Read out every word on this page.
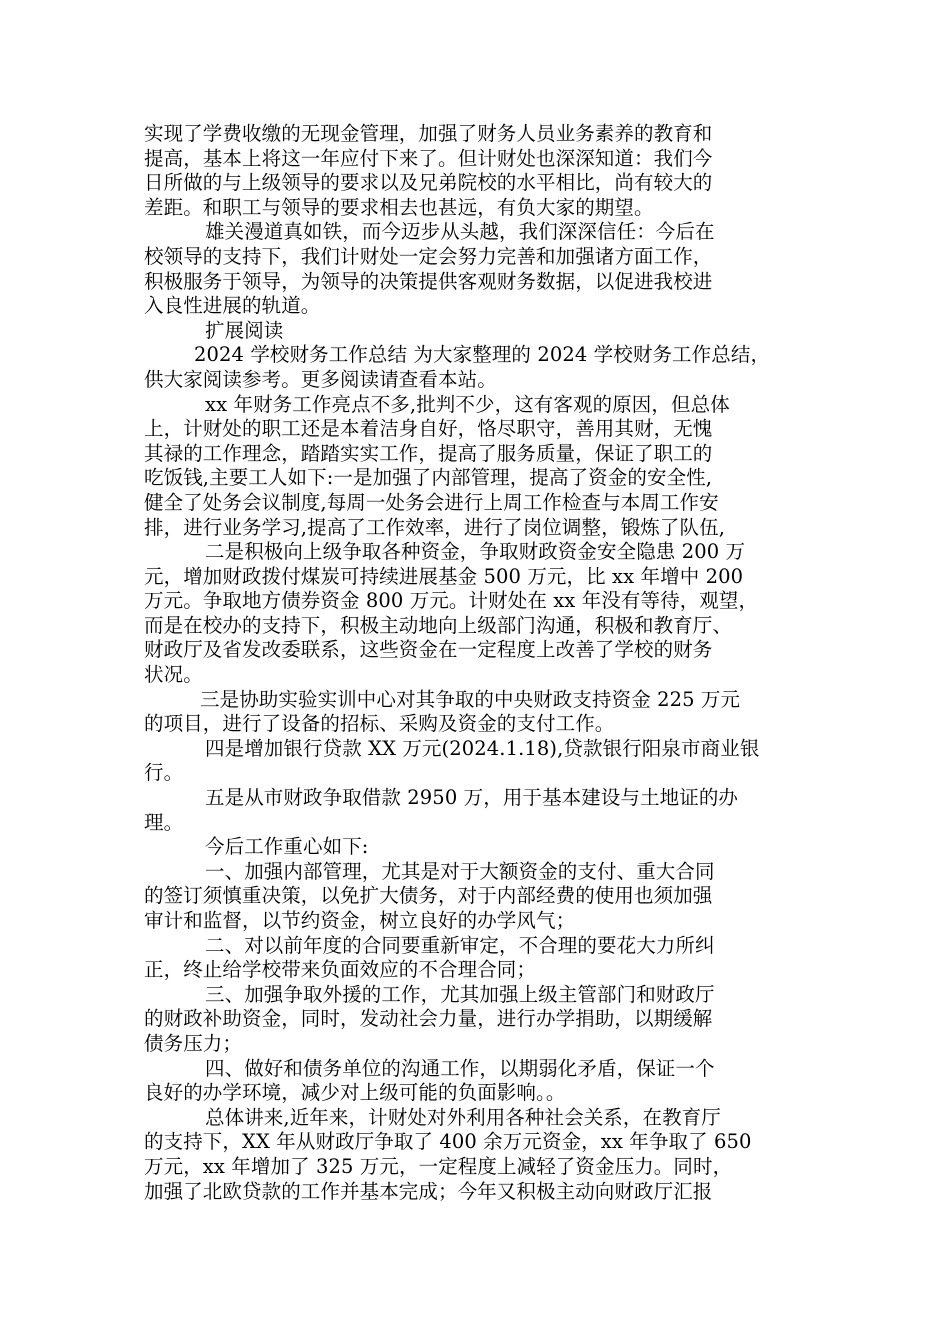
实现了学费收缴的无现金管理，加强了财务人员业务素养的教育和
提高，基本上将这一年应付下来了。但计财处也深深知道：我们今
日所做的与上级领导的要求以及兄弟院校的水平相比，尚有较大的
差距。和职工与领导的要求相去也甚远，有负大家的期望。
雄关漫道真如铁，而今迈步从头越，我们深深信任：今后在
校领导的支持下，我们计财处一定会努力完善和加强诸方面工作，
积极服务于领导，为领导的决策提供客观财务数据，以促进我校进
入良性进展的轨道。
扩展阅读
2024 学校财务工作总结 为大家整理的 2024 学校财务工作总结，
供大家阅读参考。更多阅读请查看本站。
xx 年财务工作亮点不多,批判不少，这有客观的原因，但总体
上，计财处的职工还是本着洁身自好，恪尽职守，善用其财，无愧
其禄的工作理念，踏踏实实工作，提高了服务质量，保证了职工的
吃饭钱,主要工人如下:一是加强了内部管理，提高了资金的安全性,
健全了处务会议制度,每周一处务会进行上周工作检查与本周工作安
排，进行业务学习,提高了工作效率，进行了岗位调整，锻炼了队伍,
二是积极向上级争取各种资金，争取财政资金安全隐患 200 万
元，增加财政拨付煤炭可持续进展基金 500 万元，比 xx 年增中 200
万元。争取地方债券资金 800 万元。计财处在 xx 年没有等待，观望，
而是在校办的支持下，积极主动地向上级部门沟通，积极和教育厅、
财政厅及省发改委联系，这些资金在一定程度上改善了学校的财务
状况。
三是协助实验实训中心对其争取的中央财政支持资金 225 万元
的项目，进行了设备的招标、采购及资金的支付工作。
四是增加银行贷款 XX 万元(2024.1.18),贷款银行阳泉市商业银
行。
五是从市财政争取借款 2950 万，用于基本建设与土地证的办
理。
今后工作重心如下:
一、加强内部管理，尤其是对于大额资金的支付、重大合同
的签订须慎重决策，以免扩大债务，对于内部经费的使用也须加强
审计和监督，以节约资金，树立良好的办学风气；
二、对以前年度的合同要重新审定，不合理的要花大力所纠
正，终止给学校带来负面效应的不合理合同；
三、加强争取外援的工作，尤其加强上级主管部门和财政厅
的财政补助资金，同时，发动社会力量，进行办学捐助，以期缓解
债务压力；
四、做好和债务单位的沟通工作，以期弱化矛盾，保证一个
良好的办学环境，减少对上级可能的负面影响。。
总体讲来,近年来，计财处对外利用各种社会关系，在教育厅
的支持下，XX 年从财政厅争取了 400 余万元资金，xx 年争取了 650
万元，xx 年增加了 325 万元，一定程度上减轻了资金压力。同时，
加强了北欧贷款的工作并基本完成；今年又积极主动向财政厅汇报
